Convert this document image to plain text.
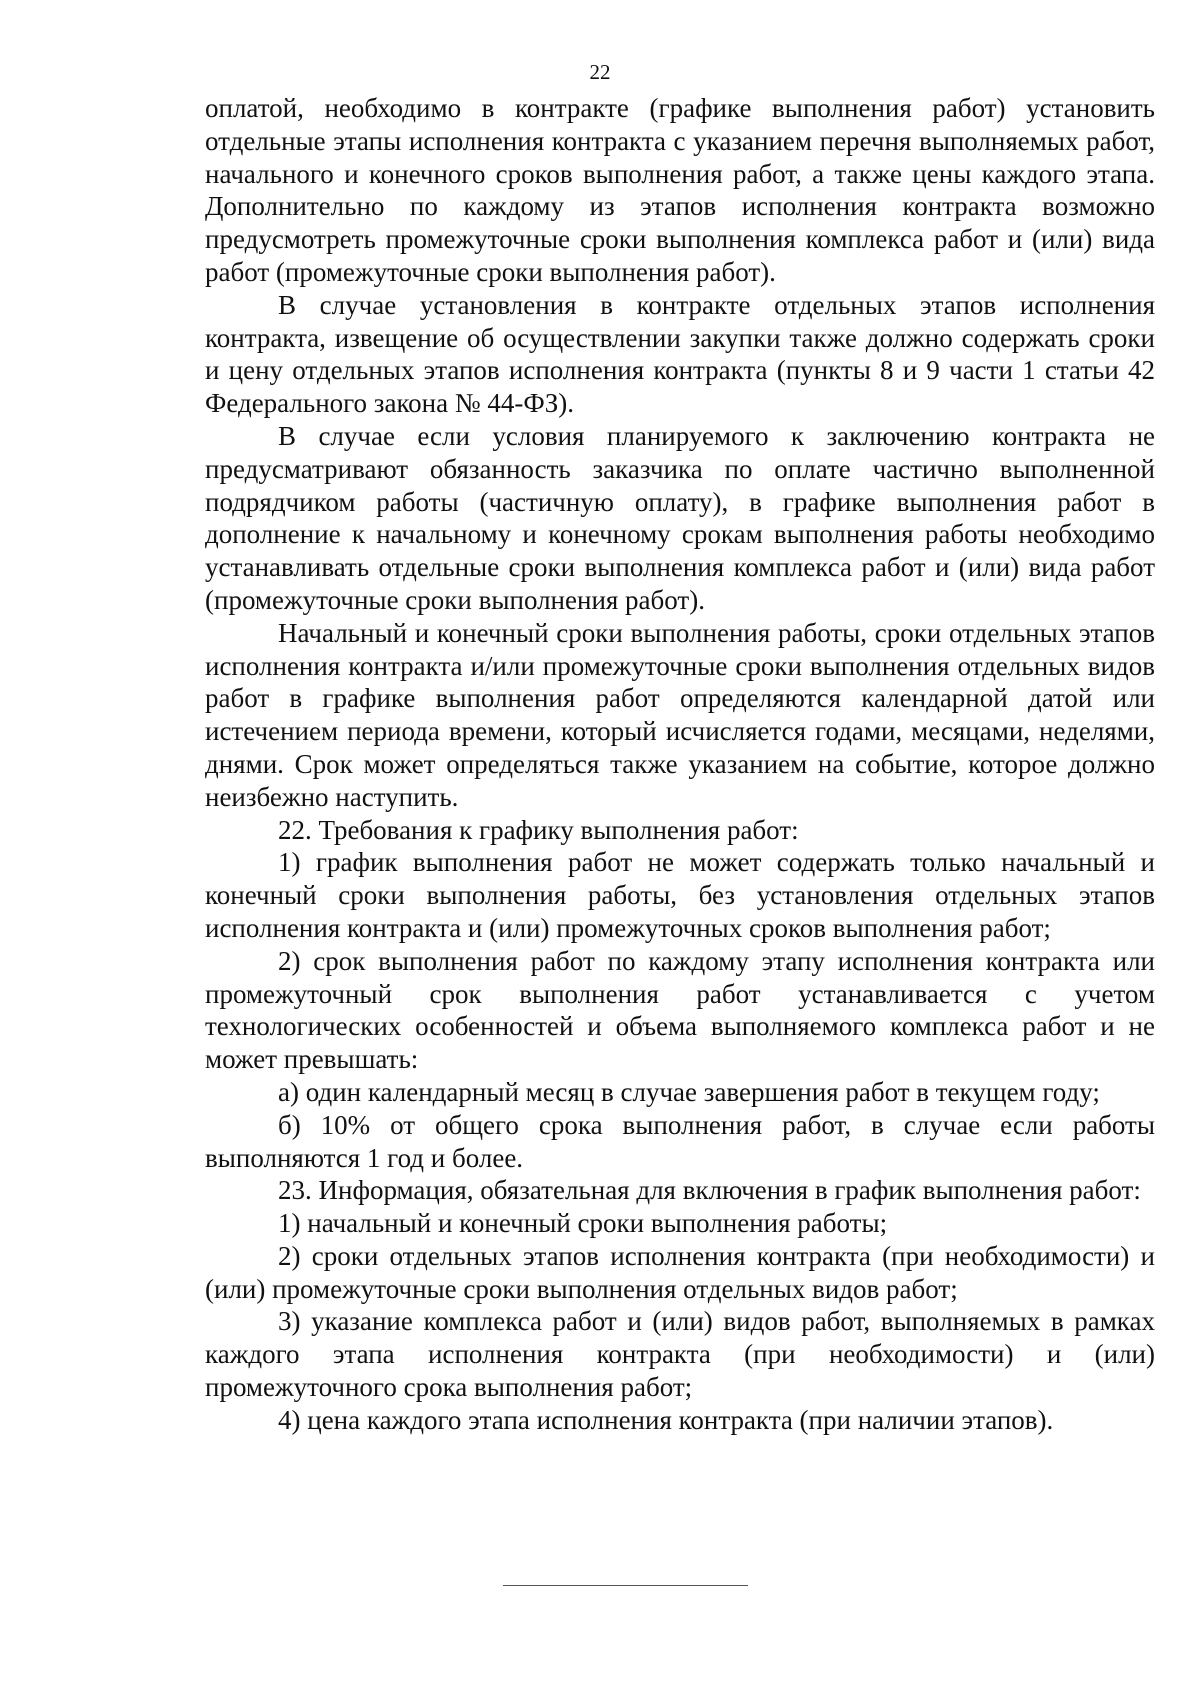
22

оплатой, необходимо в контракте (графике выполнения работ) установить отдельные этапы исполнения контракта с указанием перечня выполняемых работ, начального и конечного сроков выполнения работ, а также цены каждого этапа. Дополнительно по каждому из этапов исполнения контракта возможно предусмотреть промежуточные сроки выполнения комплекса работ и (или) вида работ (промежуточные сроки выполнения работ).

В случае установления в контракте отдельных этапов исполнения контракта, извещение об осуществлении закупки также должно содержать сроки и цену отдельных этапов исполнения контракта (пункты 8 и 9 части 1 статьи 42 Федерального закона № 44-ФЗ).

В случае если условия планируемого к заключению контракта не предусматривают обязанность заказчика по оплате частично выполненной подрядчиком работы (частичную оплату), в графике выполнения работ в дополнение к начальному и конечному срокам выполнения работы необходимо устанавливать отдельные сроки выполнения комплекса работ и (или) вида работ (промежуточные сроки выполнения работ).

Начальный и конечный сроки выполнения работы, сроки отдельных этапов исполнения контракта и/или промежуточные сроки выполнения отдельных видов работ в графике выполнения работ определяются календарной датой или истечением периода времени, который исчисляется годами, месяцами, неделями, днями. Срок может определяться также указанием на событие, которое должно неизбежно наступить.

22. Требования к графику выполнения работ:

1) график выполнения работ не может содержать только начальный и конечный сроки выполнения работы, без установления отдельных этапов исполнения контракта и (или) промежуточных сроков выполнения работ;

2) срок выполнения работ по каждому этапу исполнения контракта или промежуточный срок выполнения работ устанавливается с учетом технологических особенностей и объема выполняемого комплекса работ и не может превышать:

а) один календарный месяц в случае завершения работ в текущем году;

б) 10% от общего срока выполнения работ, в случае если работы выполняются 1 год и более.

23. Информация, обязательная для включения в график выполнения работ:

1) начальный и конечный сроки выполнения работы;

2) сроки отдельных этапов исполнения контракта (при необходимости) и (или) промежуточные сроки выполнения отдельных видов работ;

3) указание комплекса работ и (или) видов работ, выполняемых в рамках каждого этапа исполнения контракта (при необходимости) и (или) промежуточного срока выполнения работ;

4) цена каждого этапа исполнения контракта (при наличии этапов).
